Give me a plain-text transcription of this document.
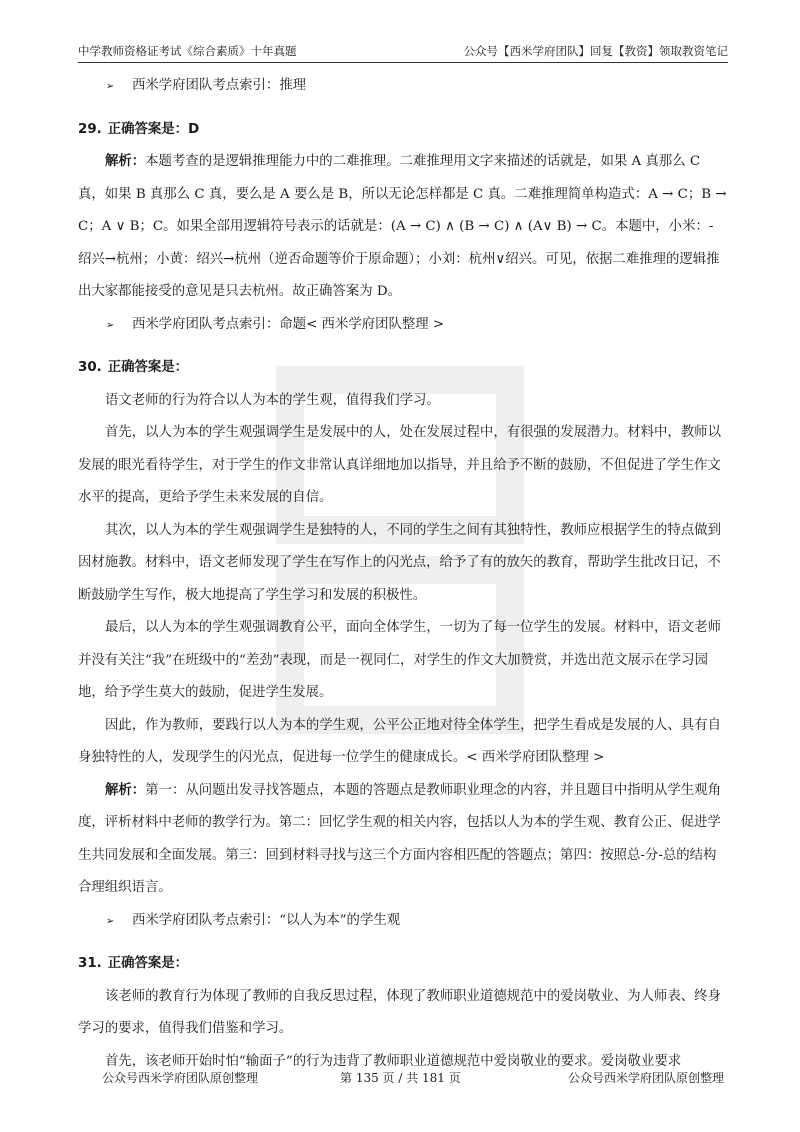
中学教师资格证考试《综合素质》十年真题	公众号【西米学府团队】回复【教资】领取教资笔记

➢ 西米学府团队考点索引：推理

29. 正确答案是：D

解析：本题考查的是逻辑推理能力中的二难推理。二难推理用文字来描述的话就是，如果 A 真那么 C 真，如果 B 真那么 C 真，要么是 A 要么是 B，所以无论怎样都是 C 真。二难推理简单构造式：A → C；B → C；A ∨ B；C。如果全部用逻辑符号表示的话就是：(A → C) ∧ (B → C) ∧ (A∨ B) → C。本题中，小米：- 绍兴→杭州；小黄：绍兴→杭州（逆否命题等价于原命题）；小刘：杭州∨绍兴。可见，依据二难推理的逻辑推出大家都能接受的意见是只去杭州。故正确答案为 D。

➢ 西米学府团队考点索引：命题< 西米学府团队整理 >

30. 正确答案是：

语文老师的行为符合以人为本的学生观，值得我们学习。

首先，以人为本的学生观强调学生是发展中的人，处在发展过程中，有很强的发展潜力。材料中，教师以发展的眼光看待学生，对于学生的作文非常认真详细地加以指导，并且给予不断的鼓励，不但促进了学生作文水平的提高，更给予学生未来发展的自信。

其次，以人为本的学生观强调学生是独特的人，不同的学生之间有其独特性，教师应根据学生的特点做到因材施教。材料中，语文老师发现了学生在写作上的闪光点，给予了有的放矢的教育，帮助学生批改日记，不断鼓励学生写作，极大地提高了学生学习和发展的积极性。

最后，以人为本的学生观强调教育公平，面向全体学生，一切为了每一位学生的发展。材料中，语文老师并没有关注“我”在班级中的“差劲”表现，而是一视同仁，对学生的作文大加赞赏，并选出范文展示在学习园地，给予学生莫大的鼓励，促进学生发展。

因此，作为教师，要践行以人为本的学生观，公平公正地对待全体学生，把学生看成是发展的人、具有自身独特性的人，发现学生的闪光点，促进每一位学生的健康成长。< 西米学府团队整理 >

解析：第一：从问题出发寻找答题点，本题的答题点是教师职业理念的内容，并且题目中指明从学生观角度，评析材料中老师的教学行为。第二：回忆学生观的相关内容，包括以人为本的学生观、教育公正、促进学生共同发展和全面发展。第三：回到材料寻找与这三个方面内容相匹配的答题点；第四：按照总-分-总的结构合理组织语言。

➢ 西米学府团队考点索引：“以人为本”的学生观

31. 正确答案是：

该老师的教育行为体现了教师的自我反思过程，体现了教师职业道德规范中的爱岗敬业、为人师表、终身学习的要求，值得我们借鉴和学习。

首先，该老师开始时怕“输面子”的行为违背了教师职业道德规范中爱岗敬业的要求。爱岗敬业要求

公众号西米学府团队原创整理	第 135 页 / 共 181 页	公众号西米学府团队原创整理
